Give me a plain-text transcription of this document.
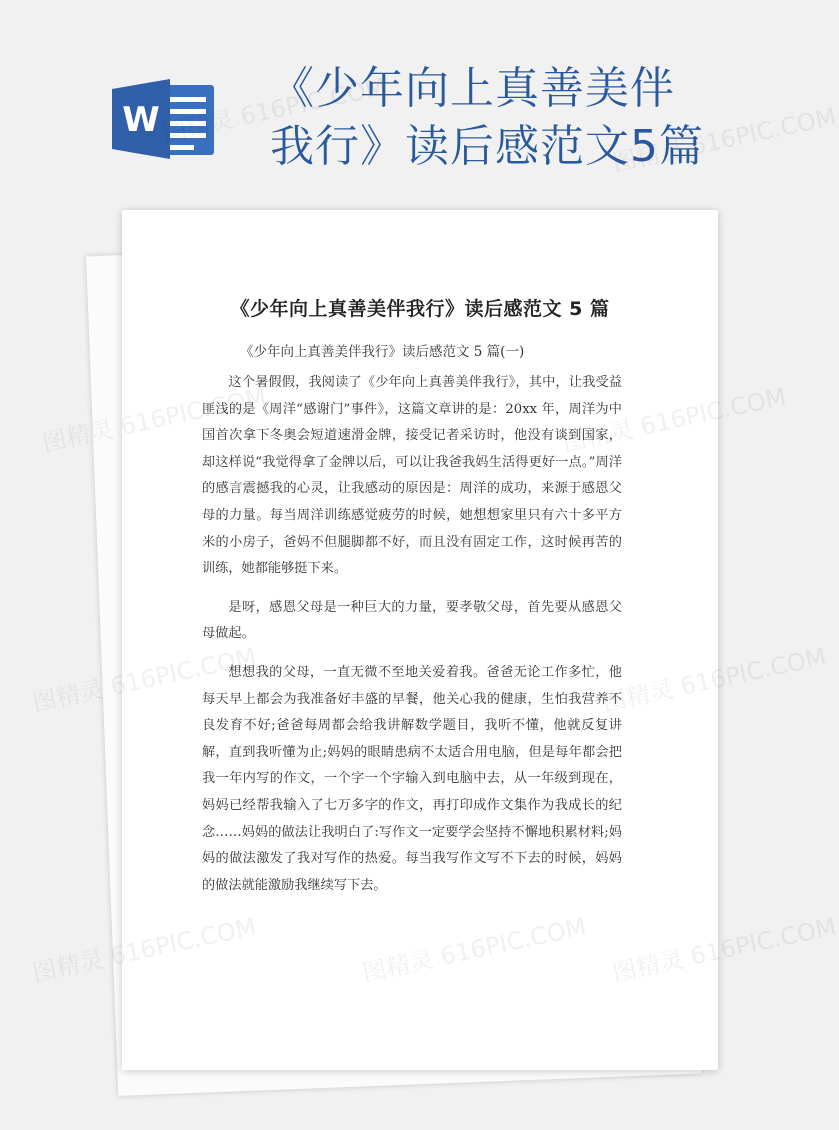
W
《少年向上真善美伴我行》读后感范文5篇
《少年向上真善美伴我行》读后感范文 5 篇
《少年向上真善美伴我行》读后感范文 5 篇(一)

这个暑假假，我阅读了《少年向上真善美伴我行》，其中，让我受益匪浅的是《周洋“感谢门”事件》，这篇文章讲的是：20xx 年，周洋为中国首次拿下冬奥会短道速滑金牌，接受记者采访时，他没有谈到国家，却这样说“我觉得拿了金牌以后，可以让我爸我妈生活得更好一点。”周洋的感言震撼我的心灵，让我感动的原因是：周洋的成功，来源于感恩父母的力量。每当周洋训练感觉疲劳的时候，她想想家里只有六十多平方米的小房子，爸妈不但腿脚都不好，而且没有固定工作，这时候再苦的训练，她都能够挺下来。

是呀，感恩父母是一种巨大的力量，要孝敬父母，首先要从感恩父母做起。

想想我的父母，一直无微不至地关爱着我。爸爸无论工作多忙，他每天早上都会为我准备好丰盛的早餐，他关心我的健康，生怕我营养不良发育不好;爸爸每周都会给我讲解数学题目，我听不懂，他就反复讲解，直到我听懂为止;妈妈的眼睛患病不太适合用电脑，但是每年都会把我一年内写的作文，一个字一个字输入到电脑中去，从一年级到现在，妈妈已经帮我输入了七万多字的作文，再打印成作文集作为我成长的纪念……妈妈的做法让我明白了:写作文一定要学会坚持不懈地积累材料;妈妈的做法激发了我对写作的热爱。每当我写作文写不下去的时候，妈妈的做法就能激励我继续写下去。

图精灵 616PIC.COM	图精灵 616PIC.COM
图精灵
图精灵	616PIC.COM
图精灵	图精灵 616PIC.COM
